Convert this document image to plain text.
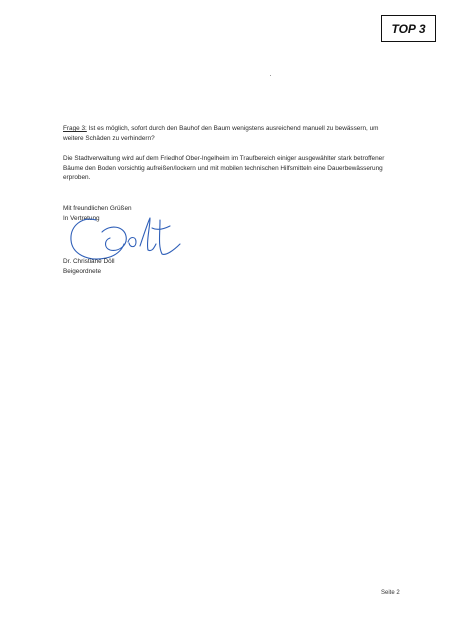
TOP 3
Frage 3: Ist es möglich, sofort durch den Bauhof den Baum wenigstens ausreichend manuell zu bewässern, um weitere Schäden zu verhindern?
Die Stadtverwaltung wird auf dem Friedhof Ober-Ingelheim im Traufbereich einiger ausgewählter stark betroffener Bäume den Boden vorsichtig aufreißen/lockern und mit mobilen technischen Hilfsmitteln eine Dauerbewässerung erproben.
Mit freundlichen Grüßen
In Vertretung
Dr. Christiane Döll
Beigeordnete
Seite 2
